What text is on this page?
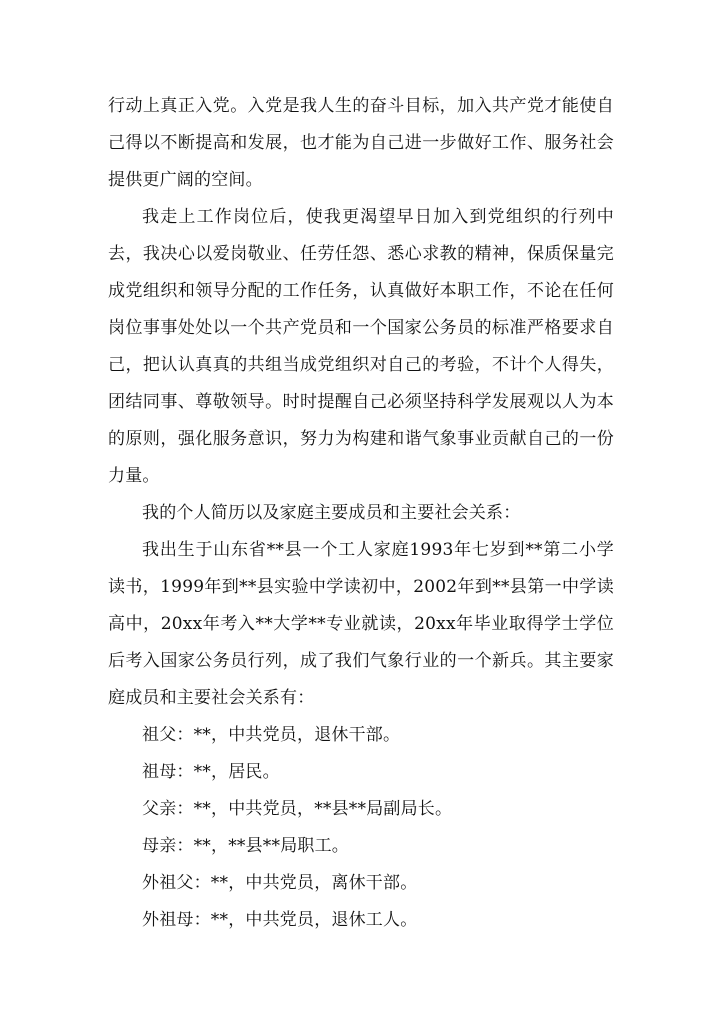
行动上真正入党。入党是我人生的奋斗目标，加入共产党才能使自己得以不断提高和发展，也才能为自己进一步做好工作、服务社会提供更广阔的空间。

我走上工作岗位后，使我更渴望早日加入到党组织的行列中去，我决心以爱岗敬业、任劳任怨、悉心求教的精神，保质保量完成党组织和领导分配的工作任务，认真做好本职工作，不论在任何岗位事事处处以一个共产党员和一个国家公务员的标准严格要求自己，把认认真真的共组当成党组织对自己的考验，不计个人得失，团结同事、尊敬领导。时时提醒自己必须坚持科学发展观以人为本的原则，强化服务意识，努力为构建和谐气象事业贡献自己的一份力量。

我的个人简历以及家庭主要成员和主要社会关系：

我出生于山东省**县一个工人家庭1993年七岁到**第二小学读书，1999年到**县实验中学读初中，2002年到**县第一中学读高中，20xx年考入**大学**专业就读，20xx年毕业取得学士学位后考入国家公务员行列，成了我们气象行业的一个新兵。其主要家庭成员和主要社会关系有：

祖父：**，中共党员，退休干部。

祖母：**，居民。

父亲：**，中共党员，**县**局副局长。

母亲：**，**县**局职工。

外祖父：**，中共党员，离休干部。

外祖母：**，中共党员，退休工人。
